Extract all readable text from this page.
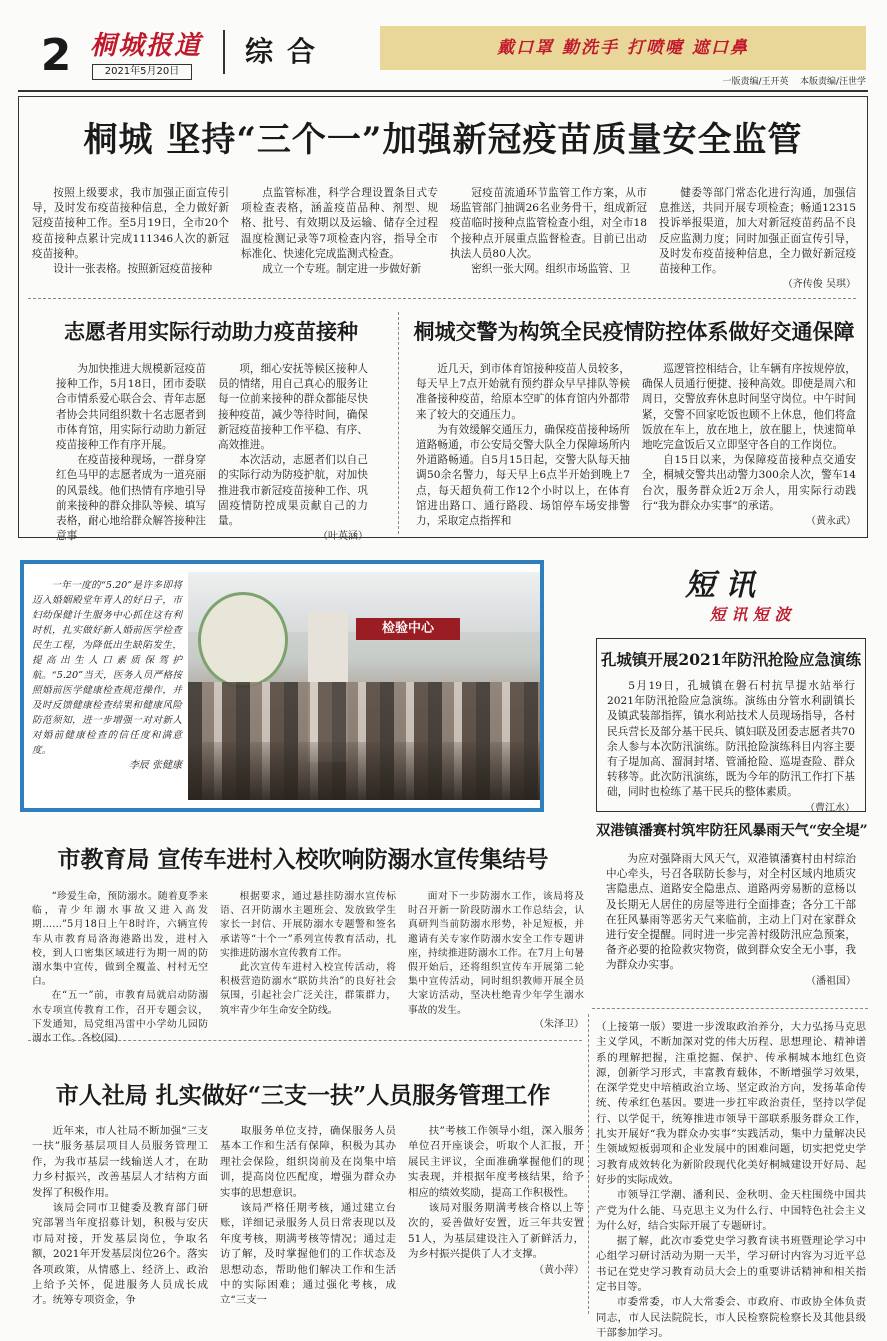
2 桐城报道
2021年5月20日
综合	戴口罩 勤洗手 打喷嚏 遮口鼻
一版责编/王开英    本版责编/汪世学
桐城 坚持“三个一”加强新冠疫苗质量安全监管

按照上级要求，我市加强正面宣传引导，及时发布疫苗接种信息，全力做好新冠疫苗接种工作。至5月19日，全市20个疫苗接种点累计完成111346人次的新冠疫苗接种。

设计一张表格。按照新冠疫苗接种

点监管标准，科学合理设置条目式专项检查表格，涵盖疫苗品种、剂型、规格、批号、有效期以及运输、储存全过程温度检测记录等7项检查内容，指导全市标准化、快速化完成监测式检查。

成立一个专班。制定进一步做好新

冠疫苗流通环节监管工作方案，从市场监管部门抽调26名业务骨干，组成新冠疫苗临时接种点监管检查小组，对全市18个接种点开展重点监督检查。目前已出动执法人员80人次。

密织一张大网。组织市场监管、卫

健委等部门常态化进行沟通，加强信息推送，共同开展专项检查；畅通12315投诉举报渠道，加大对新冠疫苗药品不良反应监测力度；同时加强正面宣传引导，及时发布疫苗接种信息，全力做好新冠疫苗接种工作。

（齐传俊 吴琪）
志愿者用实际行动助力疫苗接种

为加快推进大规模新冠疫苗接种工作，5月18日，团市委联合市情系爱心联合会、青年志愿者协会共同组织数十名志愿者到市体育馆，用实际行动助力新冠疫苗接种工作有序开展。

在疫苗接种现场，一群身穿红色马甲的志愿者成为一道亮丽的风景线。他们热情有序地引导前来接种的群众排队等候、填写表格，耐心地给群众解答接种注意事

项，细心安抚等候区接种人员的情绪，用自己真心的服务让每一位前来接种的群众都能尽快接种疫苗，减少等待时间，确保新冠疫苗接种工作平稳、有序、高效推进。

本次活动，志愿者们以自己的实际行动为防疫护航，对加快推进我市新冠疫苗接种工作、巩固疫情防控成果贡献自己的力量。

（叶英涵）
桐城交警为构筑全民疫情防控体系做好交通保障

近几天，到市体育馆接种疫苗人员较多，每天早上7点开始就有预约群众早早排队等候准备接种疫苗，给原本空旷的体育馆内外都带来了较大的交通压力。

为有效缓解交通压力，确保疫苗接种场所道路畅通，市公安局交警大队全力保障场所内外道路畅通。自5月15日起，交警大队每天抽调50余名警力，每天早上6点半开始到晚上7点，每天超负荷工作12个小时以上，在体育馆进出路口、通行路段、场馆停车场安排警力，采取定点指挥和

巡逻管控相结合，让车辆有序按规停放，确保人员通行便捷、接种高效。即使是周六和周日，交警放弃休息时间坚守岗位。中午时间紧，交警不回家吃饭也顾不上休息，他们将盒饭放在车上，放在地上，放在腿上，快速简单地吃完盒饭后又立即坚守各自的工作岗位。

自15日以来，为保障疫苗接种点交通安全，桐城交警共出动警力300余人次，警车14台次，服务群众近2万余人，用实际行动践行“我为群众办实事”的承诺。

（黄永武）

一年一度的“5.20”是许多即将迈入婚姻殿堂年青人的好日子，市妇幼保健计生服务中心抓住这有利时机，扎实做好新人婚前医学检查民生工程，为降低出生缺陷发生，提高出生人口素质保驾护航。“5.20”当天，医务人员严格按照婚前医学健康检查规范操作，并及时反馈健康检查结果和健康风险防范须知，进一步增强一对对新人对婚前健康检查的信任度和满意度。

李辰 张健康
检验中心
短讯
短 讯 短 波
孔城镇开展2021年防汛抢险应急演练

5月19日，孔城镇在磐石村抗旱提水站举行2021年防汛抢险应急演练。演练由分管水利副镇长及镇武装部指挥，镇水利站技术人员现场指导，各村民兵营长及部分基干民兵、镇妇联及团委志愿者共70余人参与本次防汛演练。防汛抢险演练科目内容主要有子堤加高、溜洞封堵、管涌抢险、巡堤查险、群众转移等。此次防汛演练，既为今年的防汛工作打下基础，同时也检练了基干民兵的整体素质。

（曹江水）
双港镇潘赛村筑牢防狂风暴雨天气“安全堤”

为应对强降雨大风天气，双港镇潘赛村由村综治中心牵头，号召各联防长参与，对全村区域内地质灾害隐患点、道路安全隐患点、道路两旁易断的意杨以及长期无人居住的房屋等进行全面排查；各分工干部在狂风暴雨等恶劣天气来临前，主动上门对在家群众进行安全提醒。同时进一步完善村级防汛应急预案，备齐必要的抢险救灾物资，做到群众安全无小事，我为群众办实事。

（潘祖国）
市教育局 宣传车进村入校吹响防溺水宣传集结号

“珍爱生命，预防溺水。随着夏季来临，青少年溺水事故又进入高发期……”5月18日上午8时许，六辆宣传车从市教育局洛海港路出发，进村入校，到人口密集区域进行为期一周的防溺水集中宣传，做到全覆盖、村村无空白。

在“五一”前，市教育局就启动防溺水专项宣传教育工作，召开专题会议，下发通知，局党组冯雷中小学幼儿园防溺水工作。各校(园)

根据要求，通过悬挂防溺水宣传标语、召开防溺水主题班会、发放致学生家长一封信、开展防溺水专题警和签名承诺等“十个一”系列宣传教育活动，扎实推进防溺水宣传教育工作。

此次宣传车进村入校宣传活动，将积极营造防溺水“联防共治”的良好社会氛围，引起社会广泛关注，群策群力，筑牢青少年生命安全防线。

面对下一步防溺水工作，该局将及时召开新一阶段防溺水工作总结会，认真研判当前防溺水形势，补足短板，并邀请有关专家作防溺水安全工作专题讲座，持续推进防溺水工作。在7月上旬暑假开始后，还将组织宣传车开展第二轮集中宣传活动，同时组织教师开展全员大家访活动，坚决杜绝青少年学生溺水事故的发生。

（朱泽卫）
市人社局 扎实做好“三支一扶”人员服务管理工作

近年来，市人社局不断加强“三支一扶”服务基层项目人员服务管理工作，为我市基层一线输送人才，在助力乡村振兴，改善基层人才结构方面发挥了积极作用。

该局会同市卫健委及教育部门研究部署当年度招募计划，积极与安庆市局对接，开发基层岗位，争取名额，2021年开发基层岗位26个。落实各项政策，从情感上、经济上、政治上给予关怀，促进服务人员成长成才。统筹专项资金，争

取服务单位支持，确保服务人员基本工作和生活有保障，积极为其办理社会保险，组织岗前及在岗集中培训，提高岗位匹配度，增强为群众办实事的思想意识。

该局严格任期考核，通过建立台账，详细记录服务人员日常表现以及年度考核，期满考核等情况；通过走访了解，及时掌握他们的工作状态及思想动态，帮助他们解决工作和生活中的实际困难；通过强化考核，成立“三支一

扶”考核工作领导小组，深入服务单位召开座谈会，听取个人汇报，开展民主评议，全面准确掌握他们的现实表现，并根据年度考核结果，给予相应的绩效奖励，提高工作积极性。

该局对服务期满考核合格以上等次的，妥善做好安置，近三年共安置51人，为基层建设注入了新鲜活力，为乡村振兴提供了人才支撑。

（黄小萍）

（上接第一版）要进一步泼取政治养分，大力弘扬马克思主义学风，不断加深对党的伟大历程、思想理论、精神谱系的理解把握，注重挖掘、保护、传承桐城本地红色资源，创新学习形式，丰富教育载体，不断增强学习效果，在深学党史中培植政治立场、坚定政治方向，发扬革命传统、传承红色基因。要进一步扛牢政治责任，坚持以学促行、以学促干，统筹推进市领导干部联系服务群众工作，扎实开展好“我为群众办实事”实践活动，集中力量解决民生领域短板弱项和企业发展中的困难问题，切实把党史学习教育成效转化为新阶段现代化美好桐城建设开好局、起好步的实际成效。

市领导江学潮、潘利民、金秋明、金天柱围绕中国共产党为什么能、马克思主义为什么行、中国特色社会主义为什么好，结合实际开展了专题研讨。

据了解，此次市委党史学习教育读书班暨理论学习中心组学习研讨活动为期一天半，学习研讨内容为习近平总书记在党史学习教育动员大会上的重要讲话精神和相关指定书目等。

市委常委，市人大常委会、市政府、市政协全体负责同志，市人民法院院长，市人民检察院检察长及其他县级干部参加学习。
